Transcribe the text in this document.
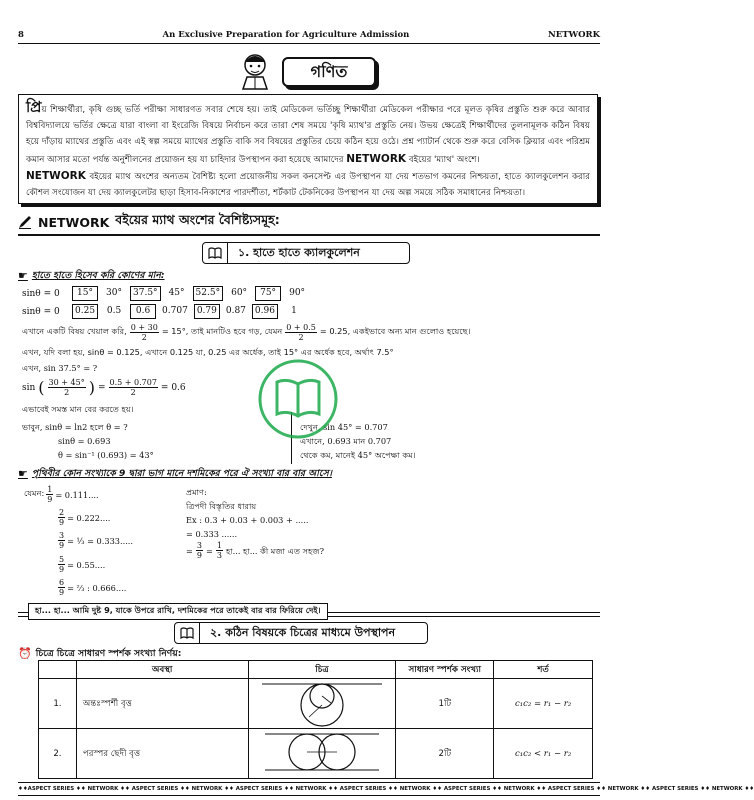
8	An Exclusive Preparation for Agriculture Admission	NETWORK
গণিত
প্রিয় শিক্ষার্থীরা, কৃষি গুচ্ছ ভর্তি পরীক্ষা সাধারণত সবার শেষে হয়। তাই মেডিকেল ভর্তিচ্ছু শিক্ষার্থীরা মেডিকেল পরীক্ষার পরে মূলত কৃষির প্রস্তুতি শুরু করে আবার বিশ্ববিদ্যালয়ে ভর্তির ক্ষেত্রে যারা বাংলা বা ইংরেজি বিষয়ে নির্বাচন করে তারা শেষ সময়ে 'কৃষি ম্যাথ'র প্রস্তুতি নেয়। উভয় ক্ষেত্রেই শিক্ষার্থীদের তুলনামূলক কঠিন বিষয় হয়ে দাঁড়ায় ম্যাথের প্রস্তুতি এবং এই স্বল্প সময়ে ম্যাথের প্রস্তুতি বাকি সব বিষয়ের প্রস্তুতির চেয়ে কঠিন হয়ে ওঠে। প্রশ্ন প্যাটার্ন থেকে শুরু করে বেসিক ক্লিয়ার এবং পরিশ্রম কমান আসার মতো পর্যন্ত অনুশীলনের প্রয়োজন হয় যা চাহিদার উপস্থাপন করা হয়েছে আমাদের NETWORK বইয়ের 'ম্যাথ' অংশে।
NETWORK বইয়ের ম্যাথ অংশের অন্যতম বৈশিষ্ট্য হলো প্রয়োজনীয় সকল কনসেপ্ট এর উপস্থাপন যা দেয় শতভাগ কমনের নিশ্চয়তা, হাতে ক্যালকুলেশন করার কৌশল সংযোজন যা দেয় ক্যালকুলেটর ছাড়া হিসাব-নিকাশের পারদর্শীতা, শর্টকাট টেকনিকের উপস্থাপন যা দেয় অল্প সময়ে সঠিক সমাধানের নিশ্চয়তা।
NETWORK বইয়ের ম্যাথ অংশের বৈশিষ্ট্যসমূহ:
১. হাতে হাতে ক্যালকুলেশন
☛ হাতে হাতে হিসেব করি কোণের মান:
sinθ = 0	15°	30°	37.5°	45°	52.5°	60°	75°	90°
sinθ = 0	0.25	0.5	0.6	0.707	0.79	0.87	0.96	1
এখানে একটি বিষয় খেয়াল করি, $\frac{0 + 30}{2} = 15^\circ$, তাই মানটিও হবে গড়, যেমন $\frac{0 + 0.5}{2} = 0.25$, একইভাবে অন্য মান গুলোও হয়েছে।
এখন, যদি বলা হয়, sinθ = 0.125, এখানে 0.125 যা, 0.25 এর অর্ধেক, তাই 15° এর অর্ধেক হবে, অর্থাৎ 7.5°
এখন, sin 37.5° = ?
sin ( $\frac{30 + 45^\circ}{2}$ ) = $\frac{0.5 + 0.707}{2} = 0.6$
এভাবেই সমস্ত মান বের করতে হয়।
ভাবুন, sinθ = ln2 হলে θ = ?
sinθ = 0.693
θ = sin⁻¹ (0.693) = 43°
দেখুন, sin 45° = 0.707
এখানে, 0.693 মান 0.707
থেকে কম, মানেই 45° অপেক্ষা কম।
☛ পৃথিবীর কোন সংখ্যাকে 9 দ্বারা ভাগ মানে দশমিকের পরে ঐ সংখ্যা বার বার আসে।
যেমন: $\frac{1}{9} = 0.111$....
$\frac{2}{9} = 0.222$....
$\frac{3}{9}$ = ⅓ = 0.333.....
$\frac{5}{9} = 0.55$....
$\frac{6}{9}$ = ⅔ : 0.666....
প্রমাণ:
ত্রিপদী বিস্তৃতির ধারায়
Ex : 0.3 + 0.03 + 0.003 + .....
= 0.333 ......
= $\frac{3}{9} = \frac{1}{3}$ হা... হা... কী মজা এত সহজ?
হা... হা... আমি দুষ্ট 9, যাকে উপরে রাখি, দশমিকের পরে তাকেই বার বার ফিরিয়ে দেই।
২. কঠিন বিষয়কে চিত্রের মাধ্যমে উপস্থাপন
⏰ চিত্রে চিত্রে সাধারণ স্পর্শক সংখ্যা নির্ণয়:
	অবস্থা	চিত্র	সাধারণ স্পর্শক সংখ্যা	শর্ত
1.	অন্তঃস্পর্শী বৃত্ত		1টি	c₁c₂ = r₁ − r₂
2.	পরস্পর ছেদী বৃত্ত		2টি	c₁c₂ < r₁ − r₂
♦♦ASPECT SERIES ♦♦ NETWORK ♦♦ ASPECT SERIES ♦♦ NETWORK ♦♦ ASPECT SERIES ♦♦ NETWORK ♦♦ ASPECT SERIES ♦♦ NETWORK ♦♦ ASPECT SERIES ♦♦ NETWORK ♦♦ ASPECT SERIES ♦♦ NETWORK ♦♦ ASPECT SERIES ♦♦ NETWORK ♦♦
